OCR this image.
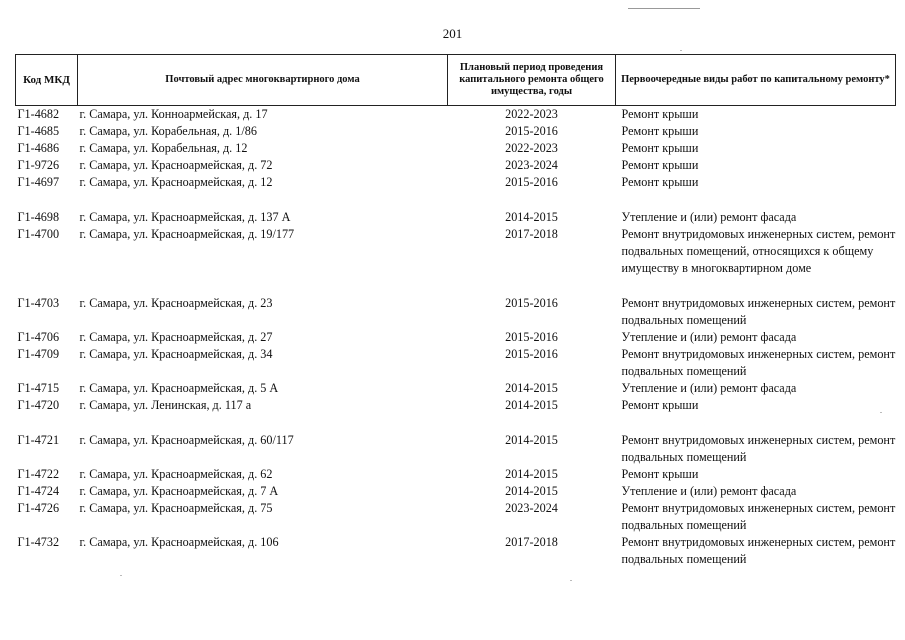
201
Код МКД	Почтовый адрес многоквартирного дома	Плановый период проведения капитального ремонта общего имущества, годы	Первоочередные виды работ по капитальному ремонту*
Г1-4682	г. Самара, ул. Конноармейская, д. 17	2022-2023	Ремонт крыши
Г1-4685	г. Самара, ул. Корабельная, д. 1/86	2015-2016	Ремонт крыши
Г1-4686	г. Самара, ул. Корабельная, д. 12	2022-2023	Ремонт крыши
Г1-9726	г. Самара, ул. Красноармейская, д. 72	2023-2024	Ремонт крыши
Г1-4697	г. Самара, ул. Красноармейская, д. 12	2015-2016	Ремонт крыши
Г1-4698	г. Самара, ул. Красноармейская, д. 137 А	2014-2015	Утепление и (или) ремонт фасада
Г1-4700	г. Самара, ул. Красноармейская, д. 19/177	2017-2018	Ремонт внутридомовых инженерных систем, ремонт подвальных помещений, относящихся к общему имуществу в многоквартирном доме
Г1-4703	г. Самара, ул. Красноармейская, д. 23	2015-2016	Ремонт внутридомовых инженерных систем, ремонт подвальных помещений
Г1-4706	г. Самара, ул. Красноармейская, д. 27	2015-2016	Утепление и (или) ремонт фасада
Г1-4709	г. Самара, ул. Красноармейская, д. 34	2015-2016	Ремонт внутридомовых инженерных систем, ремонт подвальных помещений
Г1-4715	г. Самара, ул. Красноармейская, д. 5 А	2014-2015	Утепление и (или) ремонт фасада
Г1-4720	г. Самара, ул. Ленинская, д. 117 а	2014-2015	Ремонт крыши
Г1-4721	г. Самара, ул. Красноармейская, д. 60/117	2014-2015	Ремонт внутридомовых инженерных систем, ремонт подвальных помещений
Г1-4722	г. Самара, ул. Красноармейская, д. 62	2014-2015	Ремонт крыши
Г1-4724	г. Самара, ул. Красноармейская, д. 7 А	2014-2015	Утепление и (или) ремонт фасада
Г1-4726	г. Самара, ул. Красноармейская, д. 75	2023-2024	Ремонт внутридомовых инженерных систем, ремонт подвальных помещений
Г1-4732	г. Самара, ул. Красноармейская, д. 106	2017-2018	Ремонт внутридомовых инженерных систем, ремонт подвальных помещений
